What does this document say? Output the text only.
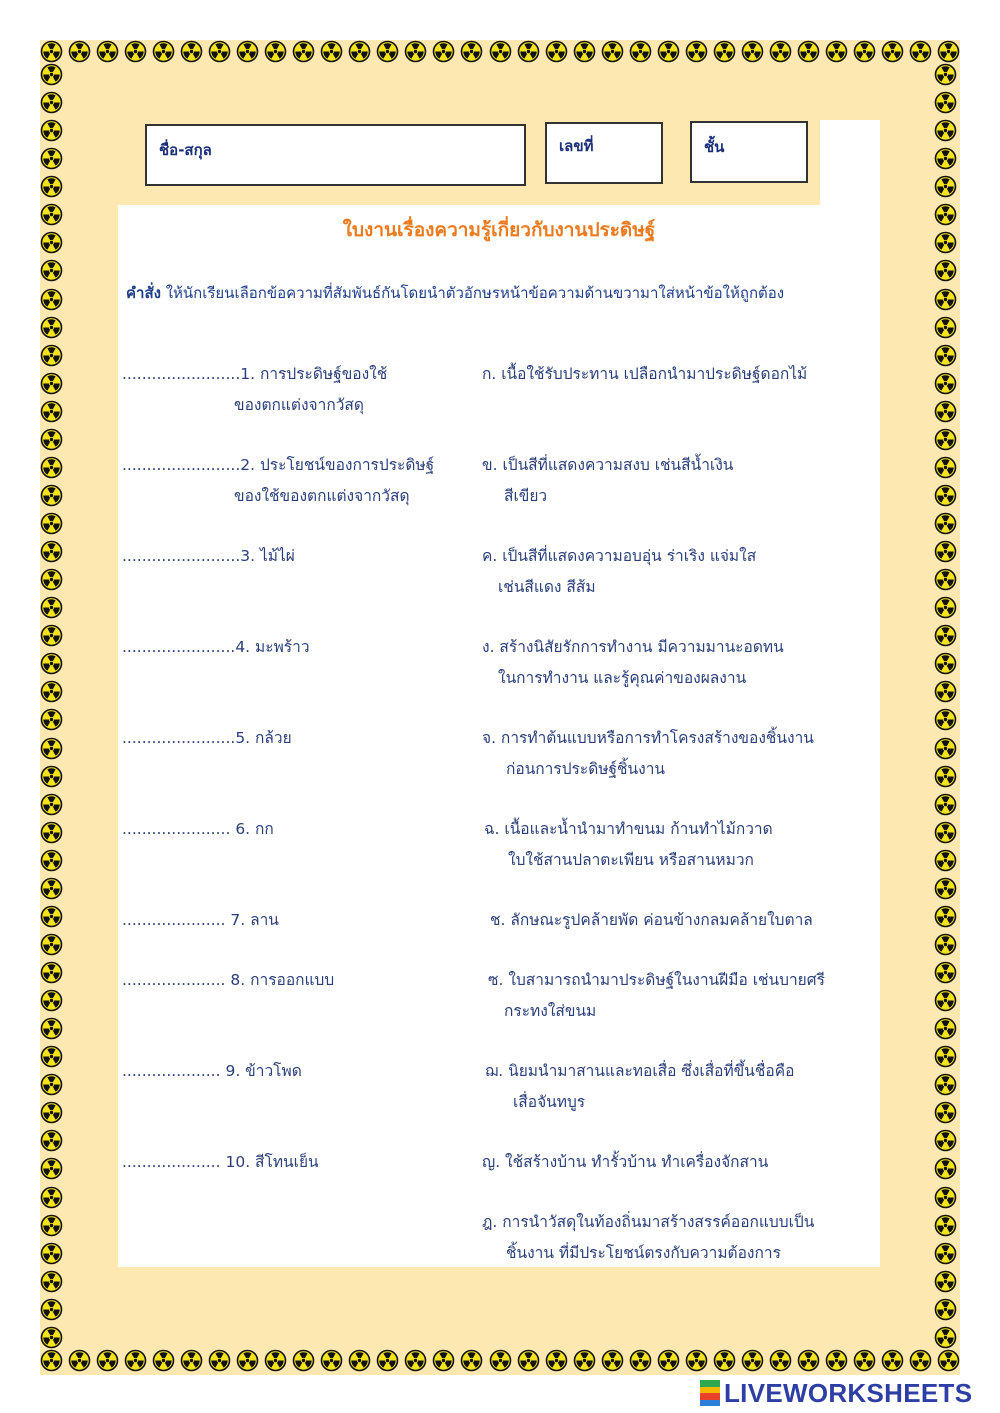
ชื่อ-สกุล	เลขที่	ชั้น
ใบงานเรื่องความรู้เกี่ยวกับงานประดิษฐ์
คำสั่ง ให้นักเรียนเลือกข้อความที่สัมพันธ์กันโดยนำตัวอักษรหน้าข้อความด้านขวามาใส่หน้าข้อให้ถูกต้อง
........................1. การประดิษฐ์ของใช้
ของตกแต่งจากวัสดุ
........................2. ประโยชน์ของการประดิษฐ์
ของใช้ของตกแต่งจากวัสดุ
........................3. ไม้ไผ่
.......................4. มะพร้าว
.......................5. กล้วย
...................... 6. กก
..................... 7. ลาน
..................... 8. การออกแบบ
.................... 9. ข้าวโพด
.................... 10. สีโทนเย็น
ก. เนื้อใช้รับประทาน เปลือกนำมาประดิษฐ์ดอกไม้
ข. เป็นสีที่แสดงความสงบ เช่นสีน้ำเงิน
สีเขียว
ค. เป็นสีที่แสดงความอบอุ่น ร่าเริง แจ่มใส
เช่นสีแดง สีส้ม
ง. สร้างนิสัยรักการทำงาน มีความมานะอดทน
ในการทำงาน และรู้คุณค่าของผลงาน
จ. การทำต้นแบบหรือการทำโครงสร้างของชิ้นงาน
ก่อนการประดิษฐ์ชิ้นงาน
ฉ. เนื้อและน้ำนำมาทำขนม ก้านทำไม้กวาด
ใบใช้สานปลาตะเพียน หรือสานหมวก
ช. ลักษณะรูปคล้ายพัด ค่อนข้างกลมคล้ายใบตาล
ซ. ใบสามารถนำมาประดิษฐ์ในงานฝีมือ เช่นบายศรี
กระทงใส่ขนม
ฌ. นิยมนำมาสานและทอเสื่อ ซึ่งเสื่อที่ขึ้นชื่อคือ
เสื่อจันทบูร
ญ. ใช้สร้างบ้าน ทำรั้วบ้าน ทำเครื่องจักสาน
ฎ. การนำวัสดุในท้องถิ่นมาสร้างสรรค์ออกแบบเป็น
ชิ้นงาน ที่มีประโยชน์ตรงกับความต้องการ
LIVEWORKSHEETS
